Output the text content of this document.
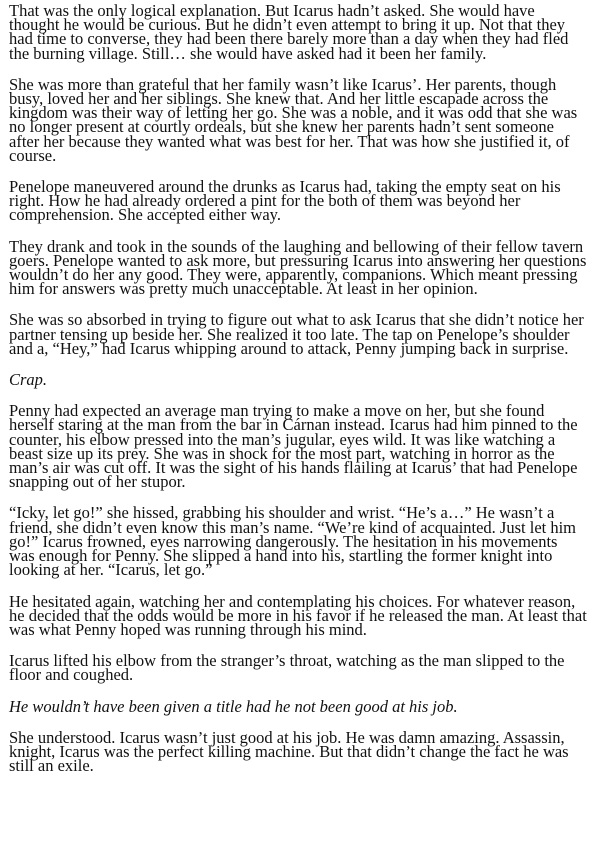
That was the only logical explanation. But Icarus hadn’t asked. She would have thought he would be curious. But he didn’t even attempt to bring it up. Not that they had time to converse, they had been there barely more than a day when they had fled the burning village. Still… she would have asked had it been her family.

She was more than grateful that her family wasn’t like Icarus’. Her parents, though busy, loved her and her siblings. She knew that. And her little escapade across the kingdom was their way of letting her go. She was a noble, and it was odd that she was no longer present at courtly ordeals, but she knew her parents hadn’t sent someone after her because they wanted what was best for her. That was how she justified it, of course.

Penelope maneuvered around the drunks as Icarus had, taking the empty seat on his right. How he had already ordered a pint for the both of them was beyond her comprehension. She accepted either way.

They drank and took in the sounds of the laughing and bellowing of their fellow tavern goers. Penelope wanted to ask more, but pressuring Icarus into answering her questions wouldn’t do her any good. They were, apparently, companions. Which meant pressing him for answers was pretty much unacceptable. At least in her opinion.

She was so absorbed in trying to figure out what to ask Icarus that she didn’t notice her partner tensing up beside her. She realized it too late. The tap on Penelope’s shoulder and a, “Hey,” had Icarus whipping around to attack, Penny jumping back in surprise.

Crap.

Penny had expected an average man trying to make a move on her, but she found herself staring at the man from the bar in Cárnan instead. Icarus had him pinned to the counter, his elbow pressed into the man’s jugular, eyes wild. It was like watching a beast size up its prey. She was in shock for the most part, watching in horror as the man’s air was cut off. It was the sight of his hands flailing at Icarus’ that had Penelope snapping out of her stupor.

“Icky, let go!” she hissed, grabbing his shoulder and wrist. “He’s a…” He wasn’t a friend, she didn’t even know this man’s name. “We’re kind of acquainted. Just let him go!” Icarus frowned, eyes narrowing dangerously. The hesitation in his movements was enough for Penny. She slipped a hand into his, startling the former knight into looking at her. “Icarus, let go.”

He hesitated again, watching her and contemplating his choices. For whatever reason, he decided that the odds would be more in his favor if he released the man. At least that was what Penny hoped was running through his mind.

Icarus lifted his elbow from the stranger’s throat, watching as the man slipped to the floor and coughed.

He wouldn’t have been given a title had he not been good at his job.

She understood. Icarus wasn’t just good at his job. He was damn amazing. Assassin, knight, Icarus was the perfect killing machine. But that didn’t change the fact he was still an exile.
